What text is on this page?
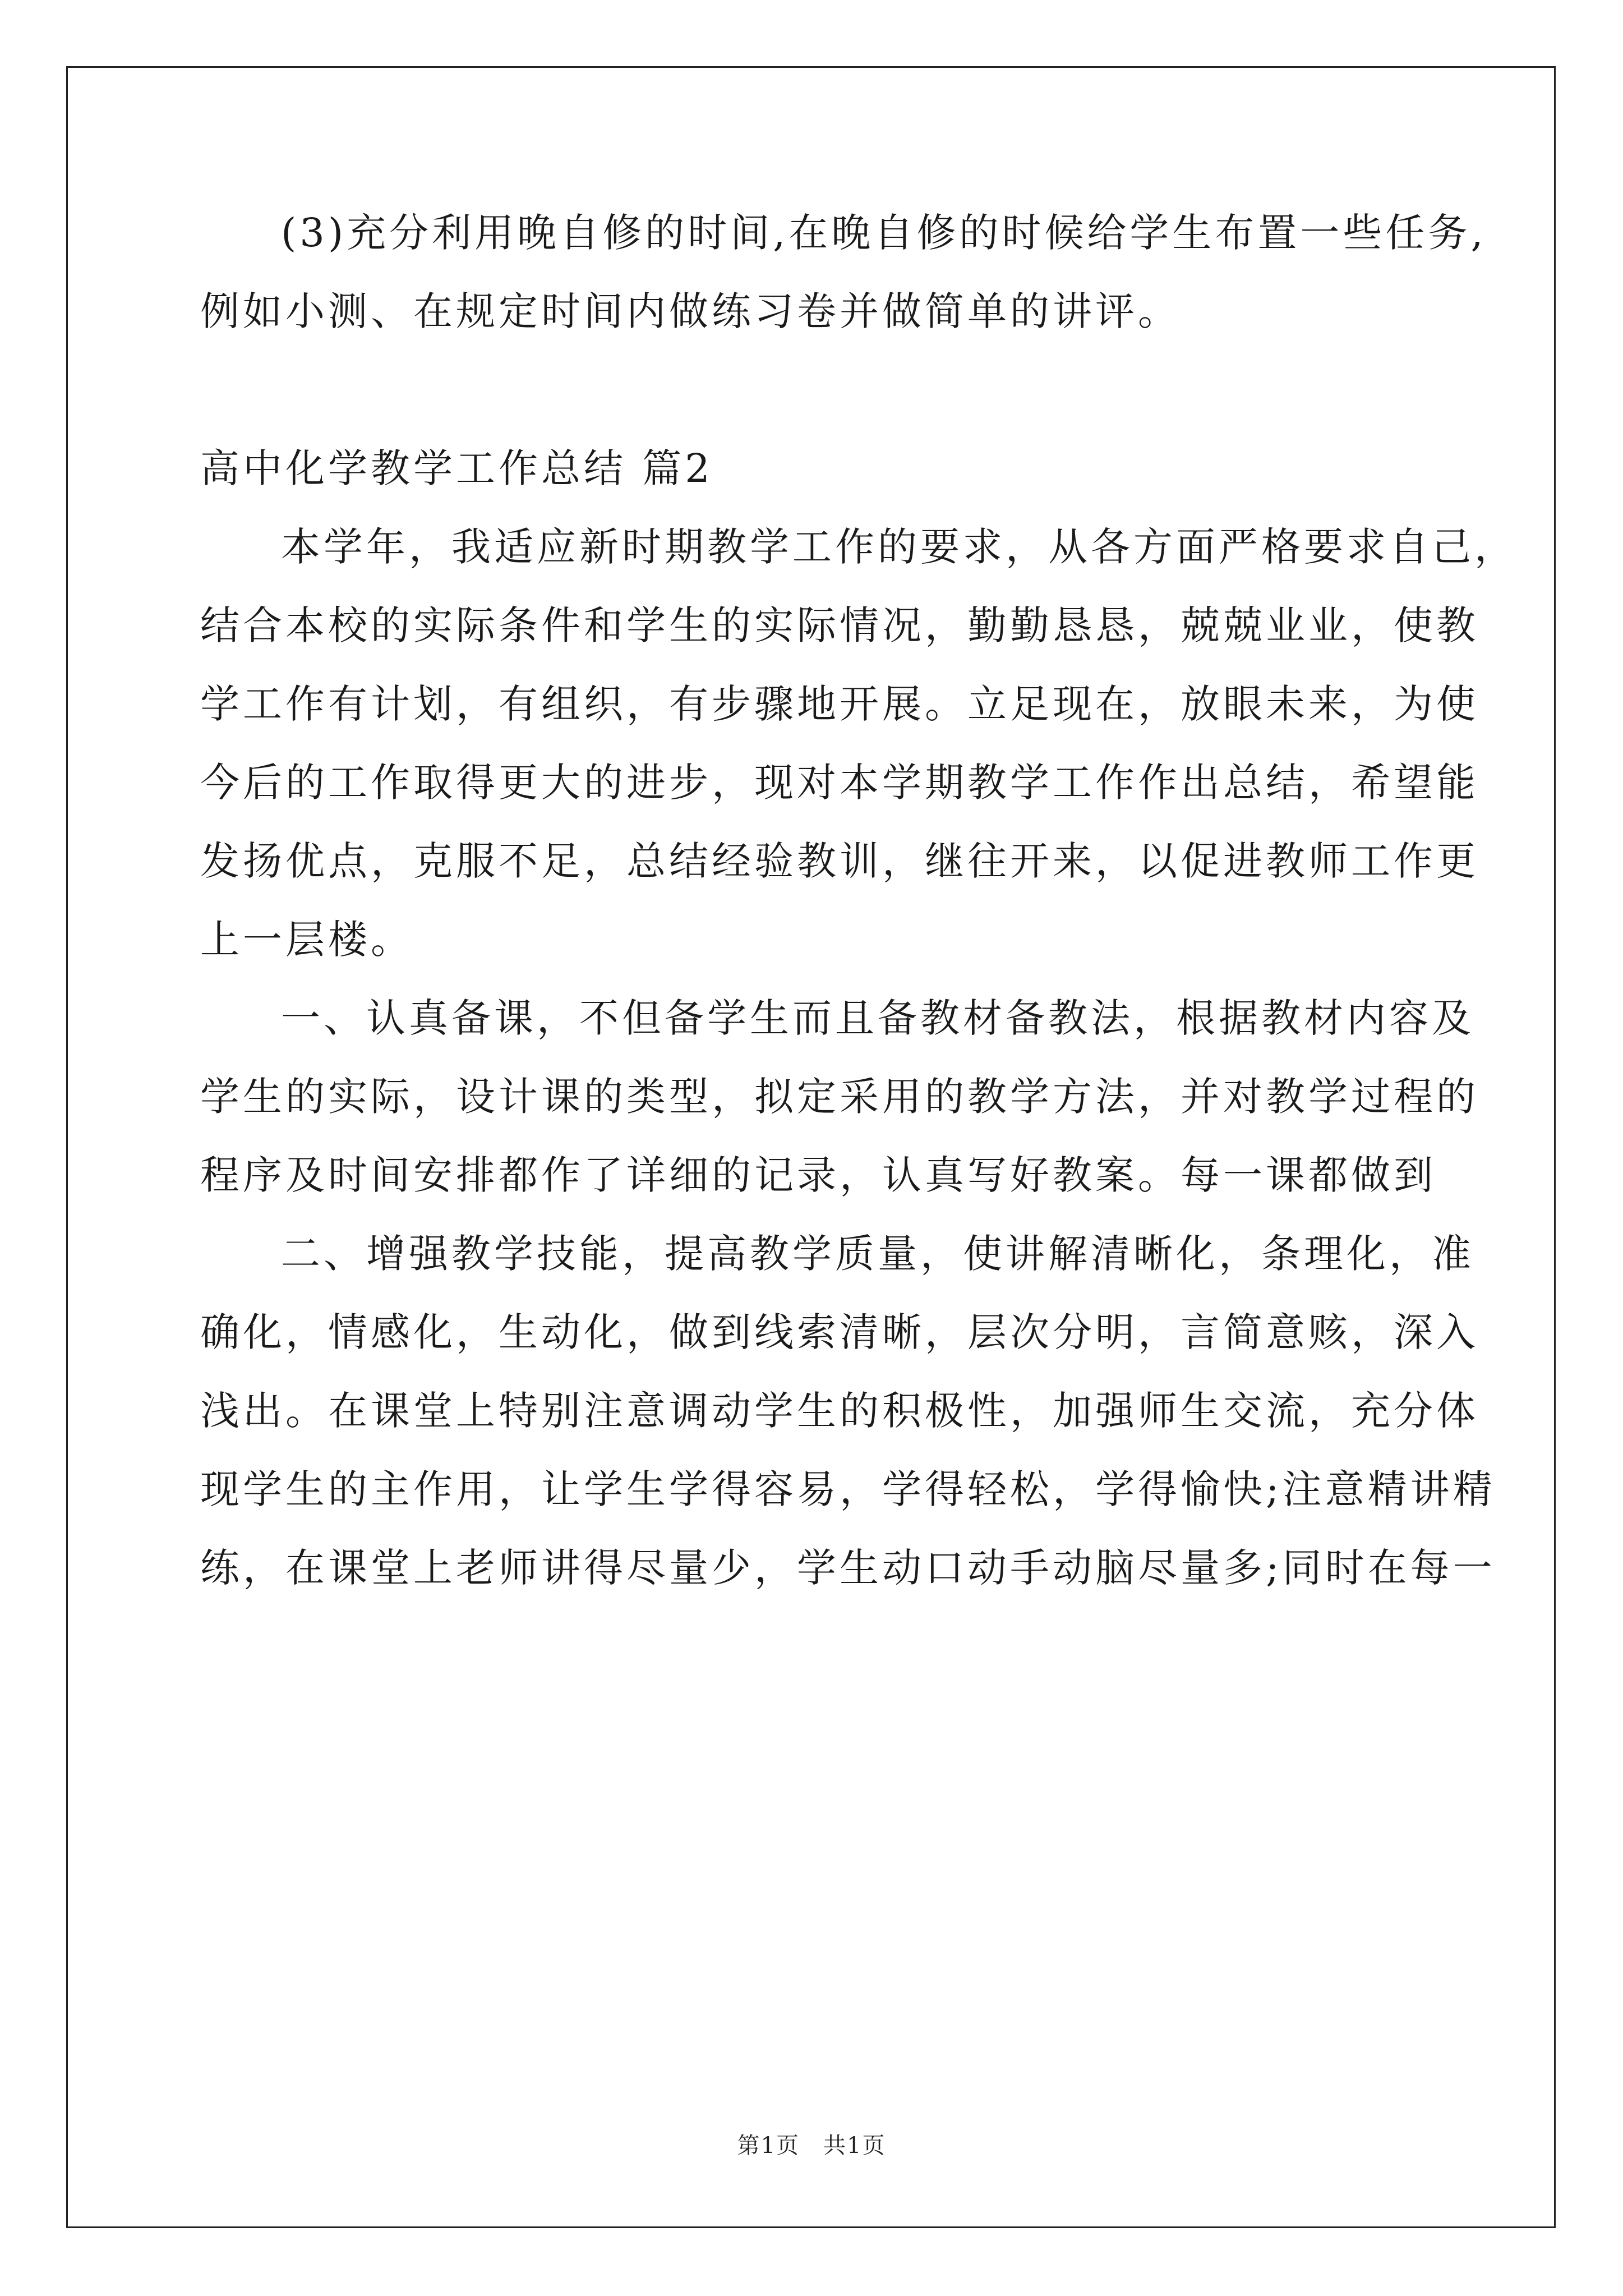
(3)充分利用晚自修的时间,在晚自修的时候给学生布置一些任务,
例如小测、在规定时间内做练习卷并做简单的讲评。
高中化学教学工作总结 篇2
本学年，我适应新时期教学工作的要求，从各方面严格要求自己，
结合本校的实际条件和学生的实际情况，勤勤恳恳，兢兢业业，使教
学工作有计划，有组织，有步骤地开展。立足现在，放眼未来，为使
今后的工作取得更大的进步，现对本学期教学工作作出总结，希望能
发扬优点，克服不足，总结经验教训，继往开来，以促进教师工作更
上一层楼。
一、认真备课，不但备学生而且备教材备教法，根据教材内容及
学生的实际，设计课的类型，拟定采用的教学方法，并对教学过程的
程序及时间安排都作了详细的记录，认真写好教案。每一课都做到
二、增强教学技能，提高教学质量，使讲解清晰化，条理化，准
确化，情感化，生动化，做到线索清晰，层次分明，言简意赅，深入
浅出。在课堂上特别注意调动学生的积极性，加强师生交流，充分体
现学生的主作用，让学生学得容易，学得轻松，学得愉快;注意精讲精
练，在课堂上老师讲得尽量少，学生动口动手动脑尽量多;同时在每一
第1页　共1页
